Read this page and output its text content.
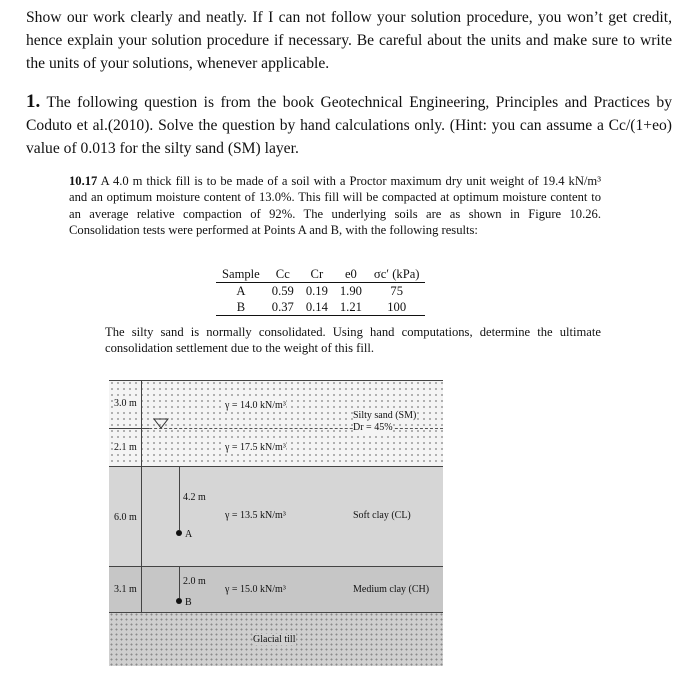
Show our work clearly and neatly. If I can not follow your solution procedure, you won’t get credit, hence explain your solution procedure if necessary. Be careful about the units and make sure to write the units of your solutions, whenever applicable.
1. The following question is from the book Geotechnical Engineering, Principles and Practices by Coduto et al.(2010). Solve the question by hand calculations only. (Hint: you can assume a Cc/(1+eo) value of 0.013 for the silty sand (SM) layer.
10.17 A 4.0 m thick fill is to be made of a soil with a Proctor maximum dry unit weight of 19.4 kN/m³ and an optimum moisture content of 13.0%. This fill will be compacted at optimum moisture content to an average relative compaction of 92%. The underlying soils are as shown in Figure 10.26. Consolidation tests were performed at Points A and B, with the following results:
Sample	Cc	Cr	e0	σc′ (kPa)
A	0.59	0.19	1.90	75
B	0.37	0.14	1.21	100
The silty sand is normally consolidated. Using hand computations, determine the ultimate consolidation settlement due to the weight of this fill.
3.0 m
2.1 m
6.0 m
3.1 m
4.2 m
A
2.0 m
B
γ = 14.0 kN/m³
γ = 17.5 kN/m³
γ = 13.5 kN/m³
γ = 15.0 kN/m³
Silty sand (SM)
Dr = 45%
Soft clay (CL)
Medium clay (CH)
Glacial till
